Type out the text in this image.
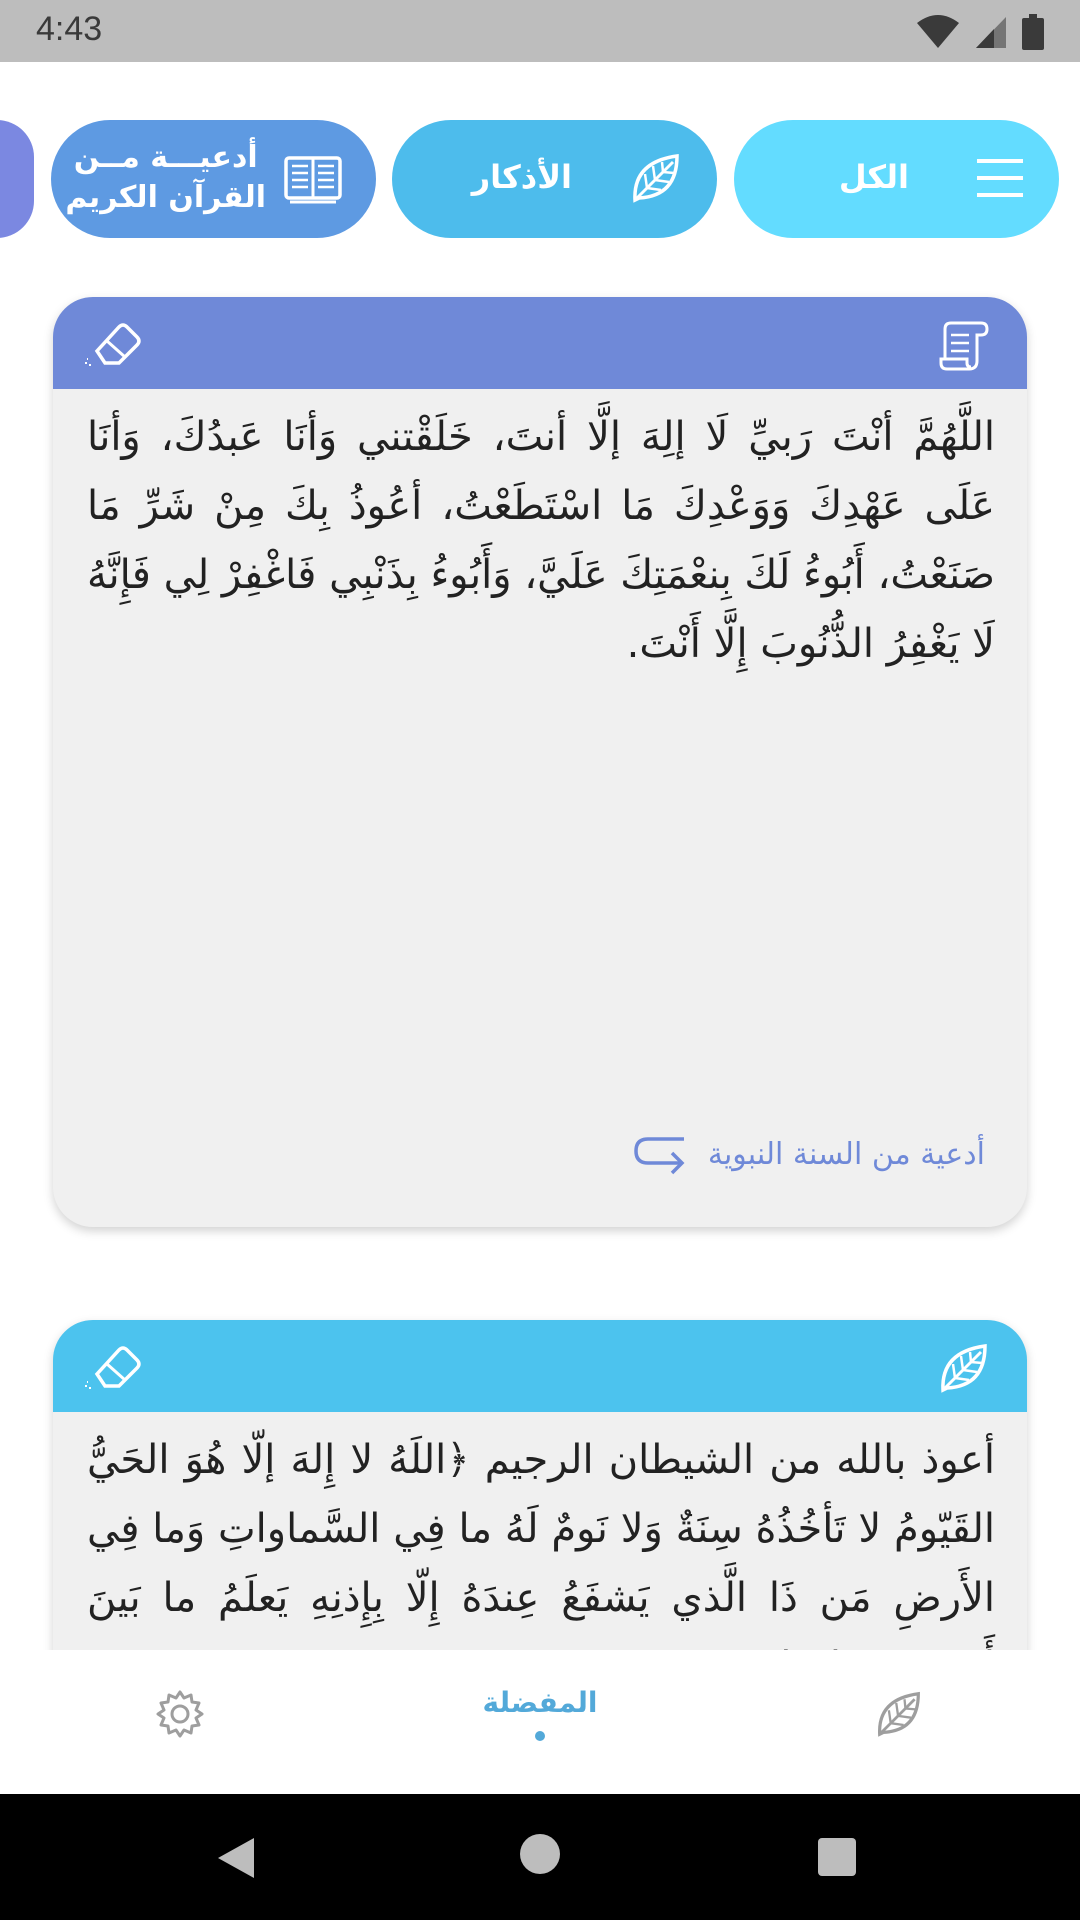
4:43
الكل
الأذكار
أدعيـــة مــن
القرآن الكريم
اللَّهُمَّ أنْتَ رَبيِّ لَا إلِهَ إلَّا أنتَ، خَلَقْتني وَأنَا عَبدُكَ، وَأنَا عَلَى عَهْدِكَ وَوَعْدِكَ مَا اسْتَطَعْتُ، أعُوذُ بِكَ مِنْ شَرِّ مَا صَنَعْتُ، أَبُوءُ لَكَ بِنعْمَتِكَ عَلَيَّ، وَأَبُوءُ بِذَنْبِي فَاغْفِرْ لِي فَإِنَّهُ لَا يَغْفِرُ الذُّنُوبَ إِلَّا أَنْتَ.
أدعية من السنة النبوية
أعوذ بالله من الشيطان الرجيم ﴿اللَهُ لا إِلهَ إلّا هُوَ الحَيُّ القَيّومُ لا تَأخُذُهُ سِنَةٌ وَلا نَومٌ لَهُ ما فِي السَّماواتِ وَما فِي الأَرضِ مَن ذَا الَّذي يَشفَعُ عِندَهُ إِلّا بِإِذنِهِ يَعلَمُ ما بَينَ
المفضلة
